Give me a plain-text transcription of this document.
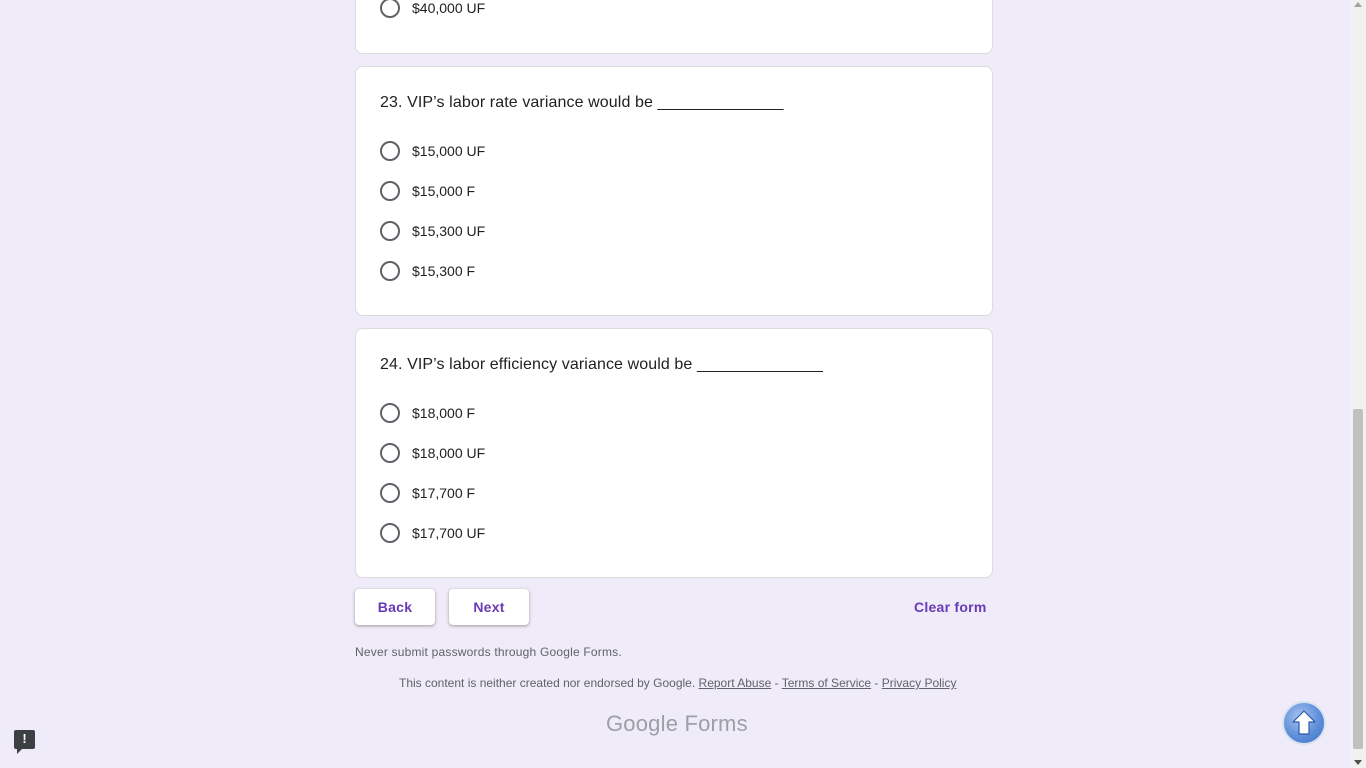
$40,000 UF
23. VIP’s labor rate variance would be ______________
$15,000 UF
$15,000 F
$15,300 UF
$15,300 F
24. VIP’s labor efficiency variance would be ______________
$18,000 F
$18,000 UF
$17,700 F
$17,700 UF
Back	Next	Clear form
Never submit passwords through Google Forms.
This content is neither created nor endorsed by Google. Report Abuse - Terms of Service - Privacy Policy
Google Forms
!
